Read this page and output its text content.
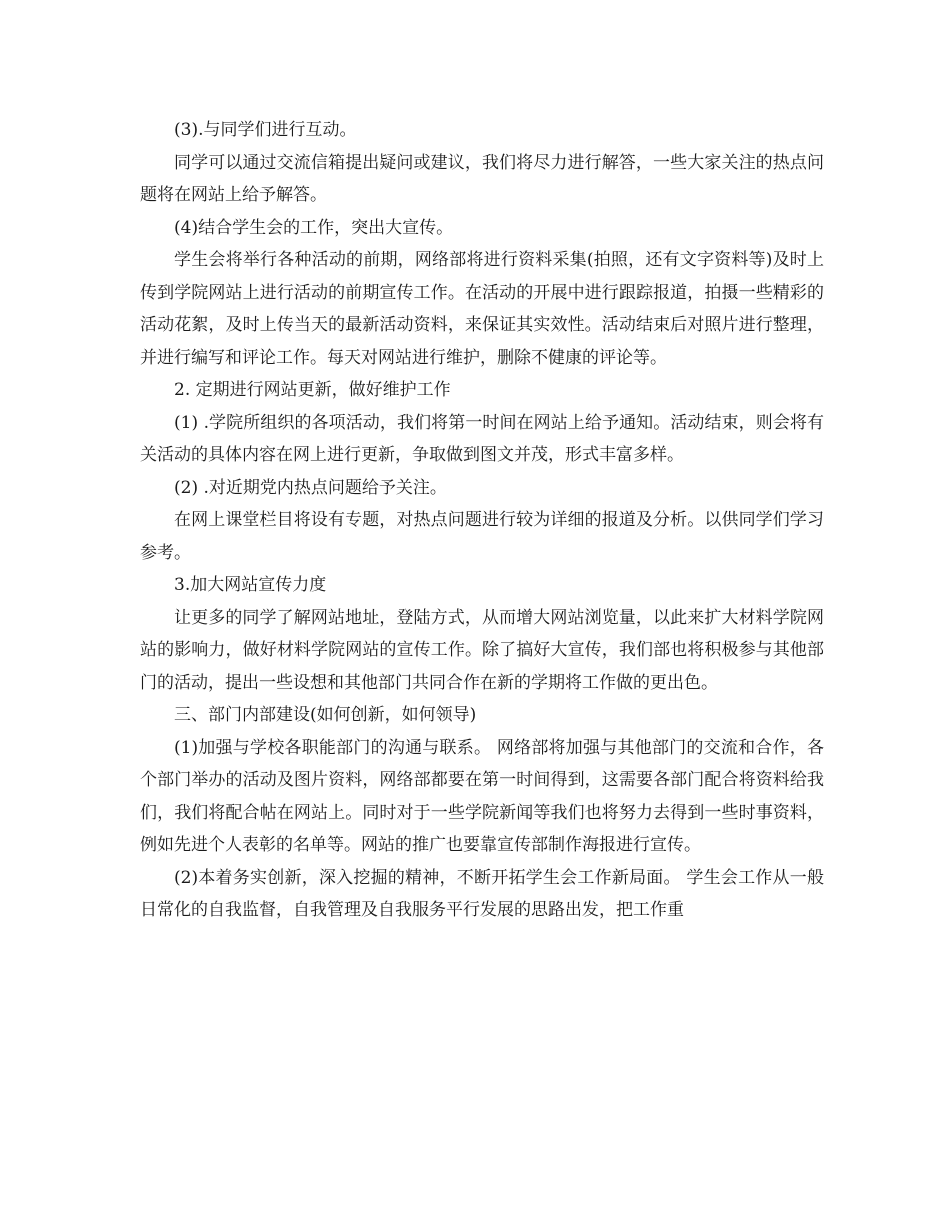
(3).与同学们进行互动。

同学可以通过交流信箱提出疑问或建议，我们将尽力进行解答，一些大家关注的热点问题将在网站上给予解答。

(4)结合学生会的工作，突出大宣传。

学生会将举行各种活动的前期，网络部将进行资料采集(拍照，还有文字资料等)及时上传到学院网站上进行活动的前期宣传工作。在活动的开展中进行跟踪报道，拍摄一些精彩的活动花絮，及时上传当天的最新活动资料，来保证其实效性。活动结束后对照片进行整理，并进行编写和评论工作。每天对网站进行维护，删除不健康的评论等。

2. 定期进行网站更新，做好维护工作

(1) .学院所组织的各项活动，我们将第一时间在网站上给予通知。活动结束，则会将有关活动的具体内容在网上进行更新，争取做到图文并茂，形式丰富多样。

(2) .对近期党内热点问题给予关注。

在网上课堂栏目将设有专题，对热点问题进行较为详细的报道及分析。以供同学们学习参考。

3.加大网站宣传力度

让更多的同学了解网站地址，登陆方式，从而增大网站浏览量，以此来扩大材料学院网站的影响力，做好材料学院网站的宣传工作。除了搞好大宣传，我们部也将积极参与其他部门的活动，提出一些设想和其他部门共同合作在新的学期将工作做的更出色。

三、部门内部建设(如何创新，如何领导)

(1)加强与学校各职能部门的沟通与联系。 网络部将加强与其他部门的交流和合作，各个部门举办的活动及图片资料，网络部都要在第一时间得到，这需要各部门配合将资料给我们，我们将配合帖在网站上。同时对于一些学院新闻等我们也将努力去得到一些时事资料，例如先进个人表彰的名单等。网站的推广也要靠宣传部制作海报进行宣传。

(2)本着务实创新，深入挖掘的精神，不断开拓学生会工作新局面。 学生会工作从一般日常化的自我监督，自我管理及自我服务平行发展的思路出发，把工作重
